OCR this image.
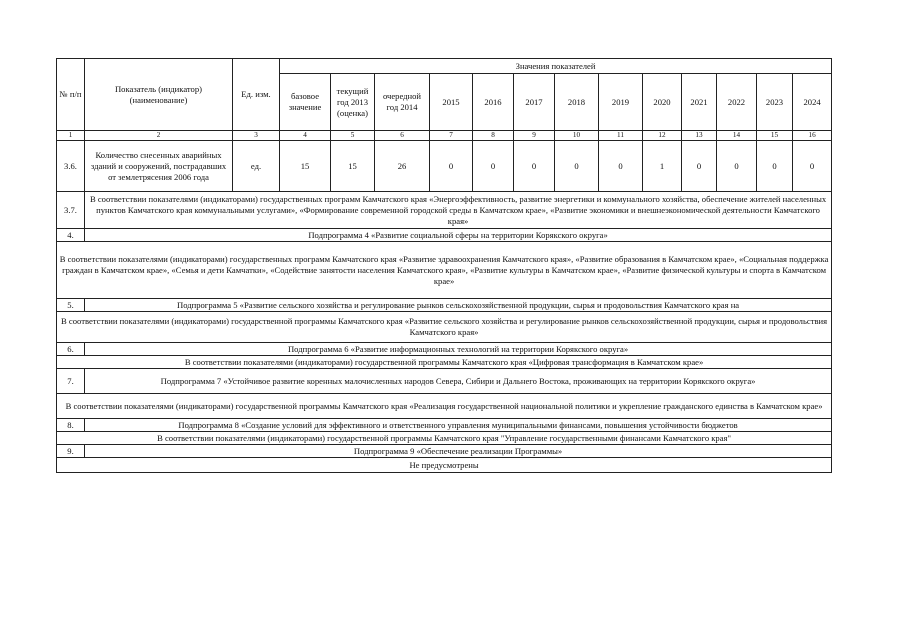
№ п/п	Показатель (индикатор) (наименование)	Ед. изм.	Значения показателей												
			базовое значение	текущий год 2013 (оценка)	очередной год 2014	2015	2016	2017	2018	2019	2020	2021	2022	2023	2024
1	2	3	4	5	6	7	8	9	10	11	12	13	14	15	16
3.6.	Количество снесенных аварийных зданий и сооружений, пострадавших от землетрясения 2006 года	ед.	15	15	26	0	0	0	0	0	1	0	0	0	0
3.7.	В соответствии показателями (индикаторами) государственных программ Камчатского края «Энергоэффективность, развитие энергетики и коммунального хозяйства, обеспечение жителей населенных пунктов Камчатского края коммунальными услугами», «Формирование современной городской среды в Камчатском крае», «Развитие экономики и внешнеэкономической деятельности Камчатского края»														
4.	Подпрограмма 4 «Развитие социальной сферы на территории Корякского округа»														
В соответствии показателями (индикаторами) государственных программ Камчатского края «Развитие здравоохранения Камчатского края», «Развитие образования в Камчатском крае», «Социальная поддержка граждан в Камчатском крае», «Семья и дети Камчатки», «Содействие занятости населения Камчатского края», «Развитие культуры в Камчатском крае», «Развитие физической культуры и спорта в Камчатском крае»															
5.	Подпрограмма 5 «Развитие сельского хозяйства и регулирование рынков сельскохозяйственной продукции, сырья и продовольствия Камчатского края на														
В соответствии показателями (индикаторами) государственной программы Камчатского края «Развитие сельского хозяйства и регулирование рынков сельскохозяйственной продукции, сырья и продовольствия Камчатского края»															
6.	Подпрограмма 6 «Развитие информационных технологий на территории Корякского округа»														
В соответствии показателями (индикаторами) государственной программы Камчатского края «Цифровая трансформация в Камчатском крае»															
7.	Подпрограмма 7 «Устойчивое развитие коренных малочисленных народов Севера, Сибири и Дальнего Востока, проживающих на территории Корякского округа»														
В соответствии показателями (индикаторами) государственной программы Камчатского края «Реализация государственной национальной политики и укрепление гражданского единства в Камчатском крае»															
8.	Подпрограмма 8 «Создание условий для эффективного и ответственного управления муниципальными финансами, повышения устойчивости бюджетов														
В соответствии показателями (индикаторами) государственной программы Камчатского края "Управление государственными финансами Камчатского края"															
9.	Подпрограмма 9 «Обеспечение реализации Программы»														
Не предусмотрены															
